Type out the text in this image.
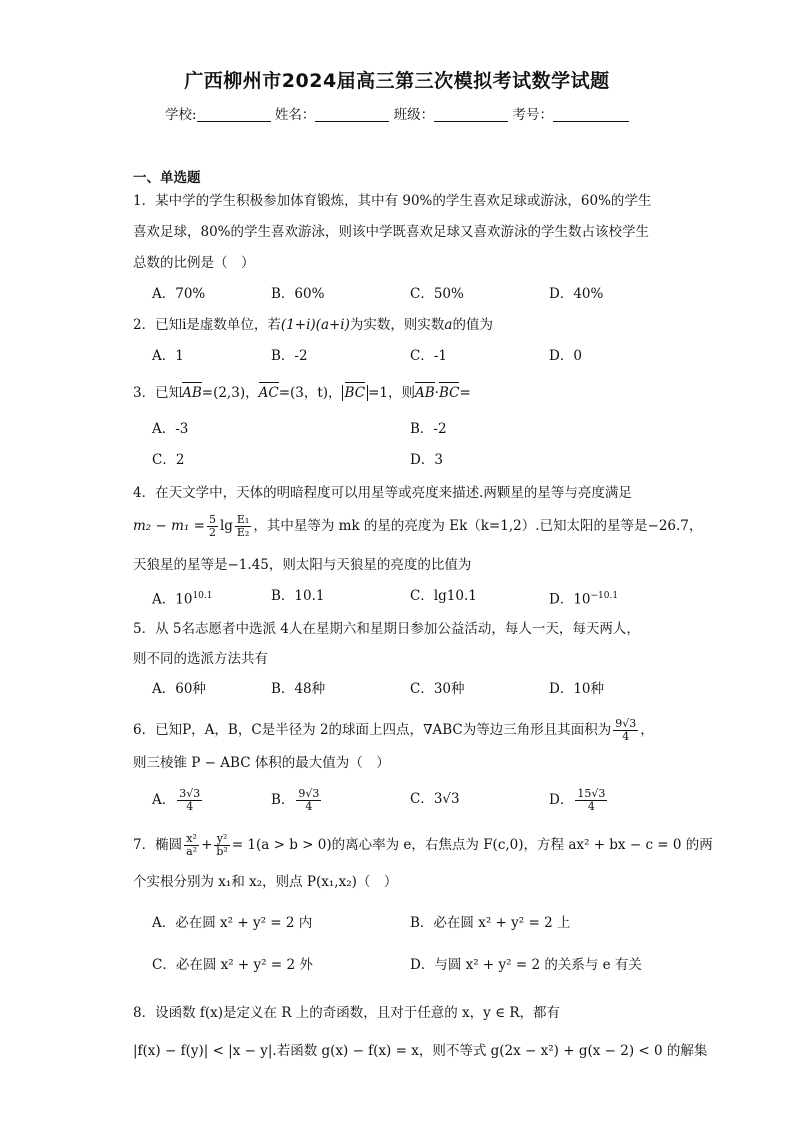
广西柳州市2024届高三第三次模拟考试数学试题
学校:	姓名：	班级：	考号：
一、单选题
1．某中学的学生积极参加体育锻炼，其中有 90%的学生喜欢足球或游泳，60%的学生
喜欢足球，80%的学生喜欢游泳，则该中学既喜欢足球又喜欢游泳的学生数占该校学生
总数的比例是（　）
A．70%	B．60%	C．50%	D．40%
2．已知i是虚数单位，若(1+i)(a+i)为实数，则实数a的值为
A．1	B．-2	C．-1	D．0
3．已知AB=(2,3)，AC=(3，t)， BC =1，则AB·BC=
A．-3	B．-2
C．2	D．3
4．在天文学中，天体的明暗程度可以用星等或亮度来描述.两颗星的星等与亮度满足
$m_2 - m_1 = \frac{5}{2}$ $\lg \frac{\text{E₁}}{\text{E₂}}$ ，其中星等为 mk 的星的亮度为 Ek（k=1,2）.已知太阳的星等是−26.7，
天狼星的星等是−1.45，则太阳与天狼星的亮度的比值为
A．$10^{10.1}$	B．10.1	C．lg10.1	D．$10^{-10.1}$
5．从 5名志愿者中选派 4人在星期六和星期日参加公益活动，每人一天，每天两人，
则不同的选派方法共有
A．60种	B．48种	C．30种	D．10种
6．已知P，A，B，C是半径为 2的球面上四点，∇ABC为等边三角形且其面积为 $\frac{9√3}{4}$ ，
则三棱锥 P − ABC 体积的最大值为（　）
A． $\frac{3√3}{4}$	B． $\frac{9√3}{4}$	C．3√3	D． $\frac{15√3}{4}$
7．椭圆 $\frac{\text{x²}}{\text{a²}} + \frac{\text{y²}}{\text{b²}} = 1(a > b > 0)$的离心率为 e，右焦点为 F(c,0)，方程 ax² + bx − c = 0 的两
个实根分别为 x₁和 x₂，则点 P(x₁,x₂)（　）
A．必在圆 x² + y² = 2 内	B．必在圆 x² + y² = 2 上
C．必在圆 x² + y² = 2 外	D．与圆 x² + y² = 2 的关系与 e 有关
8．设函数 f(x)是定义在 R 上的奇函数，且对于任意的 x，y ∈ R，都有
|f(x) − f(y)| < |x − y|.若函数 g(x) − f(x) = x，则不等式 g(2x − x²) + g(x − 2) < 0 的解集
